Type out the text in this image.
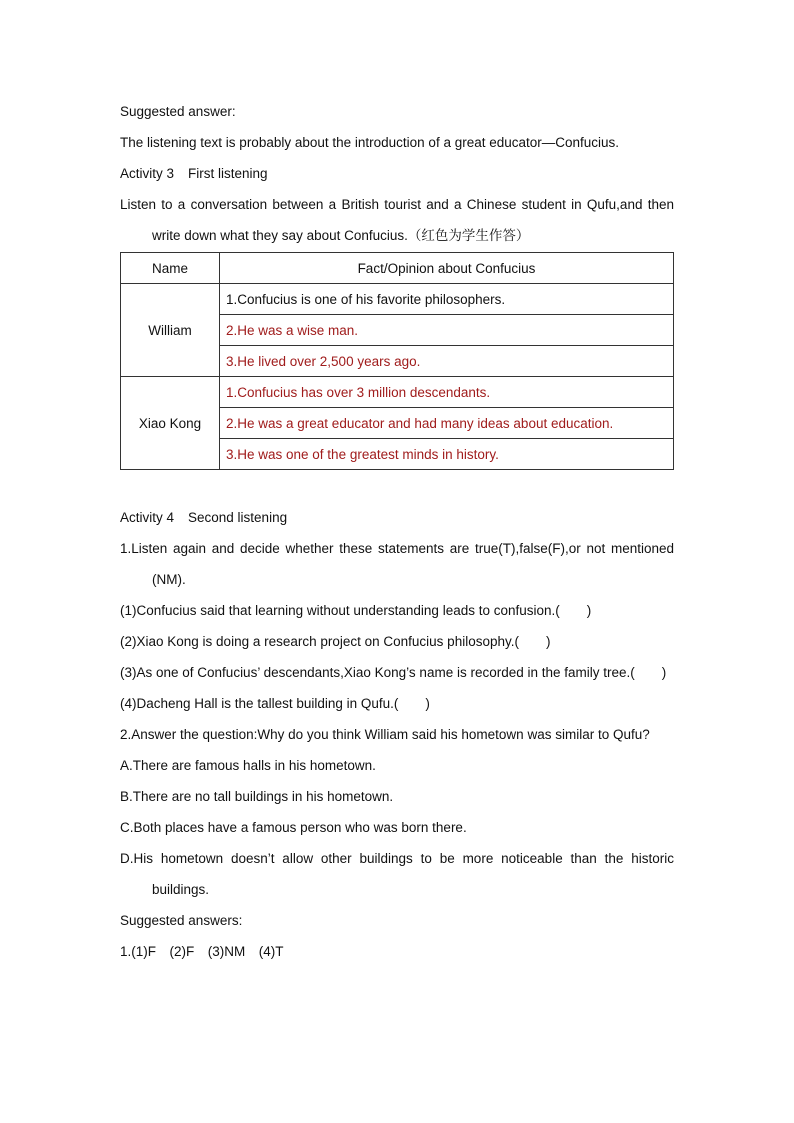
Suggested answer:

The listening text is probably about the introduction of a great educator—Confucius.

Activity 3 First listening

Listen to a conversation between a British tourist and a Chinese student in Qufu,and then write down what they say about Confucius.（红色为学生作答）

Name	Fact/Opinion about Confucius
William	1.Confucius is one of his favorite philosophers.
	2.He was a wise man.
	3.He lived over 2,500 years ago.
Xiao Kong	1.Confucius has over 3 million descendants.
	2.He was a great educator and had many ideas about education.
	3.He was one of the greatest minds in history.

Activity 4 Second listening

1.Listen again and decide whether these statements are true(T),false(F),or not mentioned (NM).

(1)Confucius said that learning without understanding leads to confusion.(　　)

(2)Xiao Kong is doing a research project on Confucius philosophy.(　　)

(3)As one of Confucius’ descendants,Xiao Kong’s name is recorded in the family tree.(　　)

(4)Dacheng Hall is the tallest building in Qufu.(　　)

2.Answer the question:Why do you think William said his hometown was similar to Qufu?

A.There are famous halls in his hometown.

B.There are no tall buildings in his hometown.

C.Both places have a famous person who was born there.

D.His hometown doesn’t allow other buildings to be more noticeable than the historic buildings.

Suggested answers:

1.(1)F　(2)F　(3)NM　(4)T
